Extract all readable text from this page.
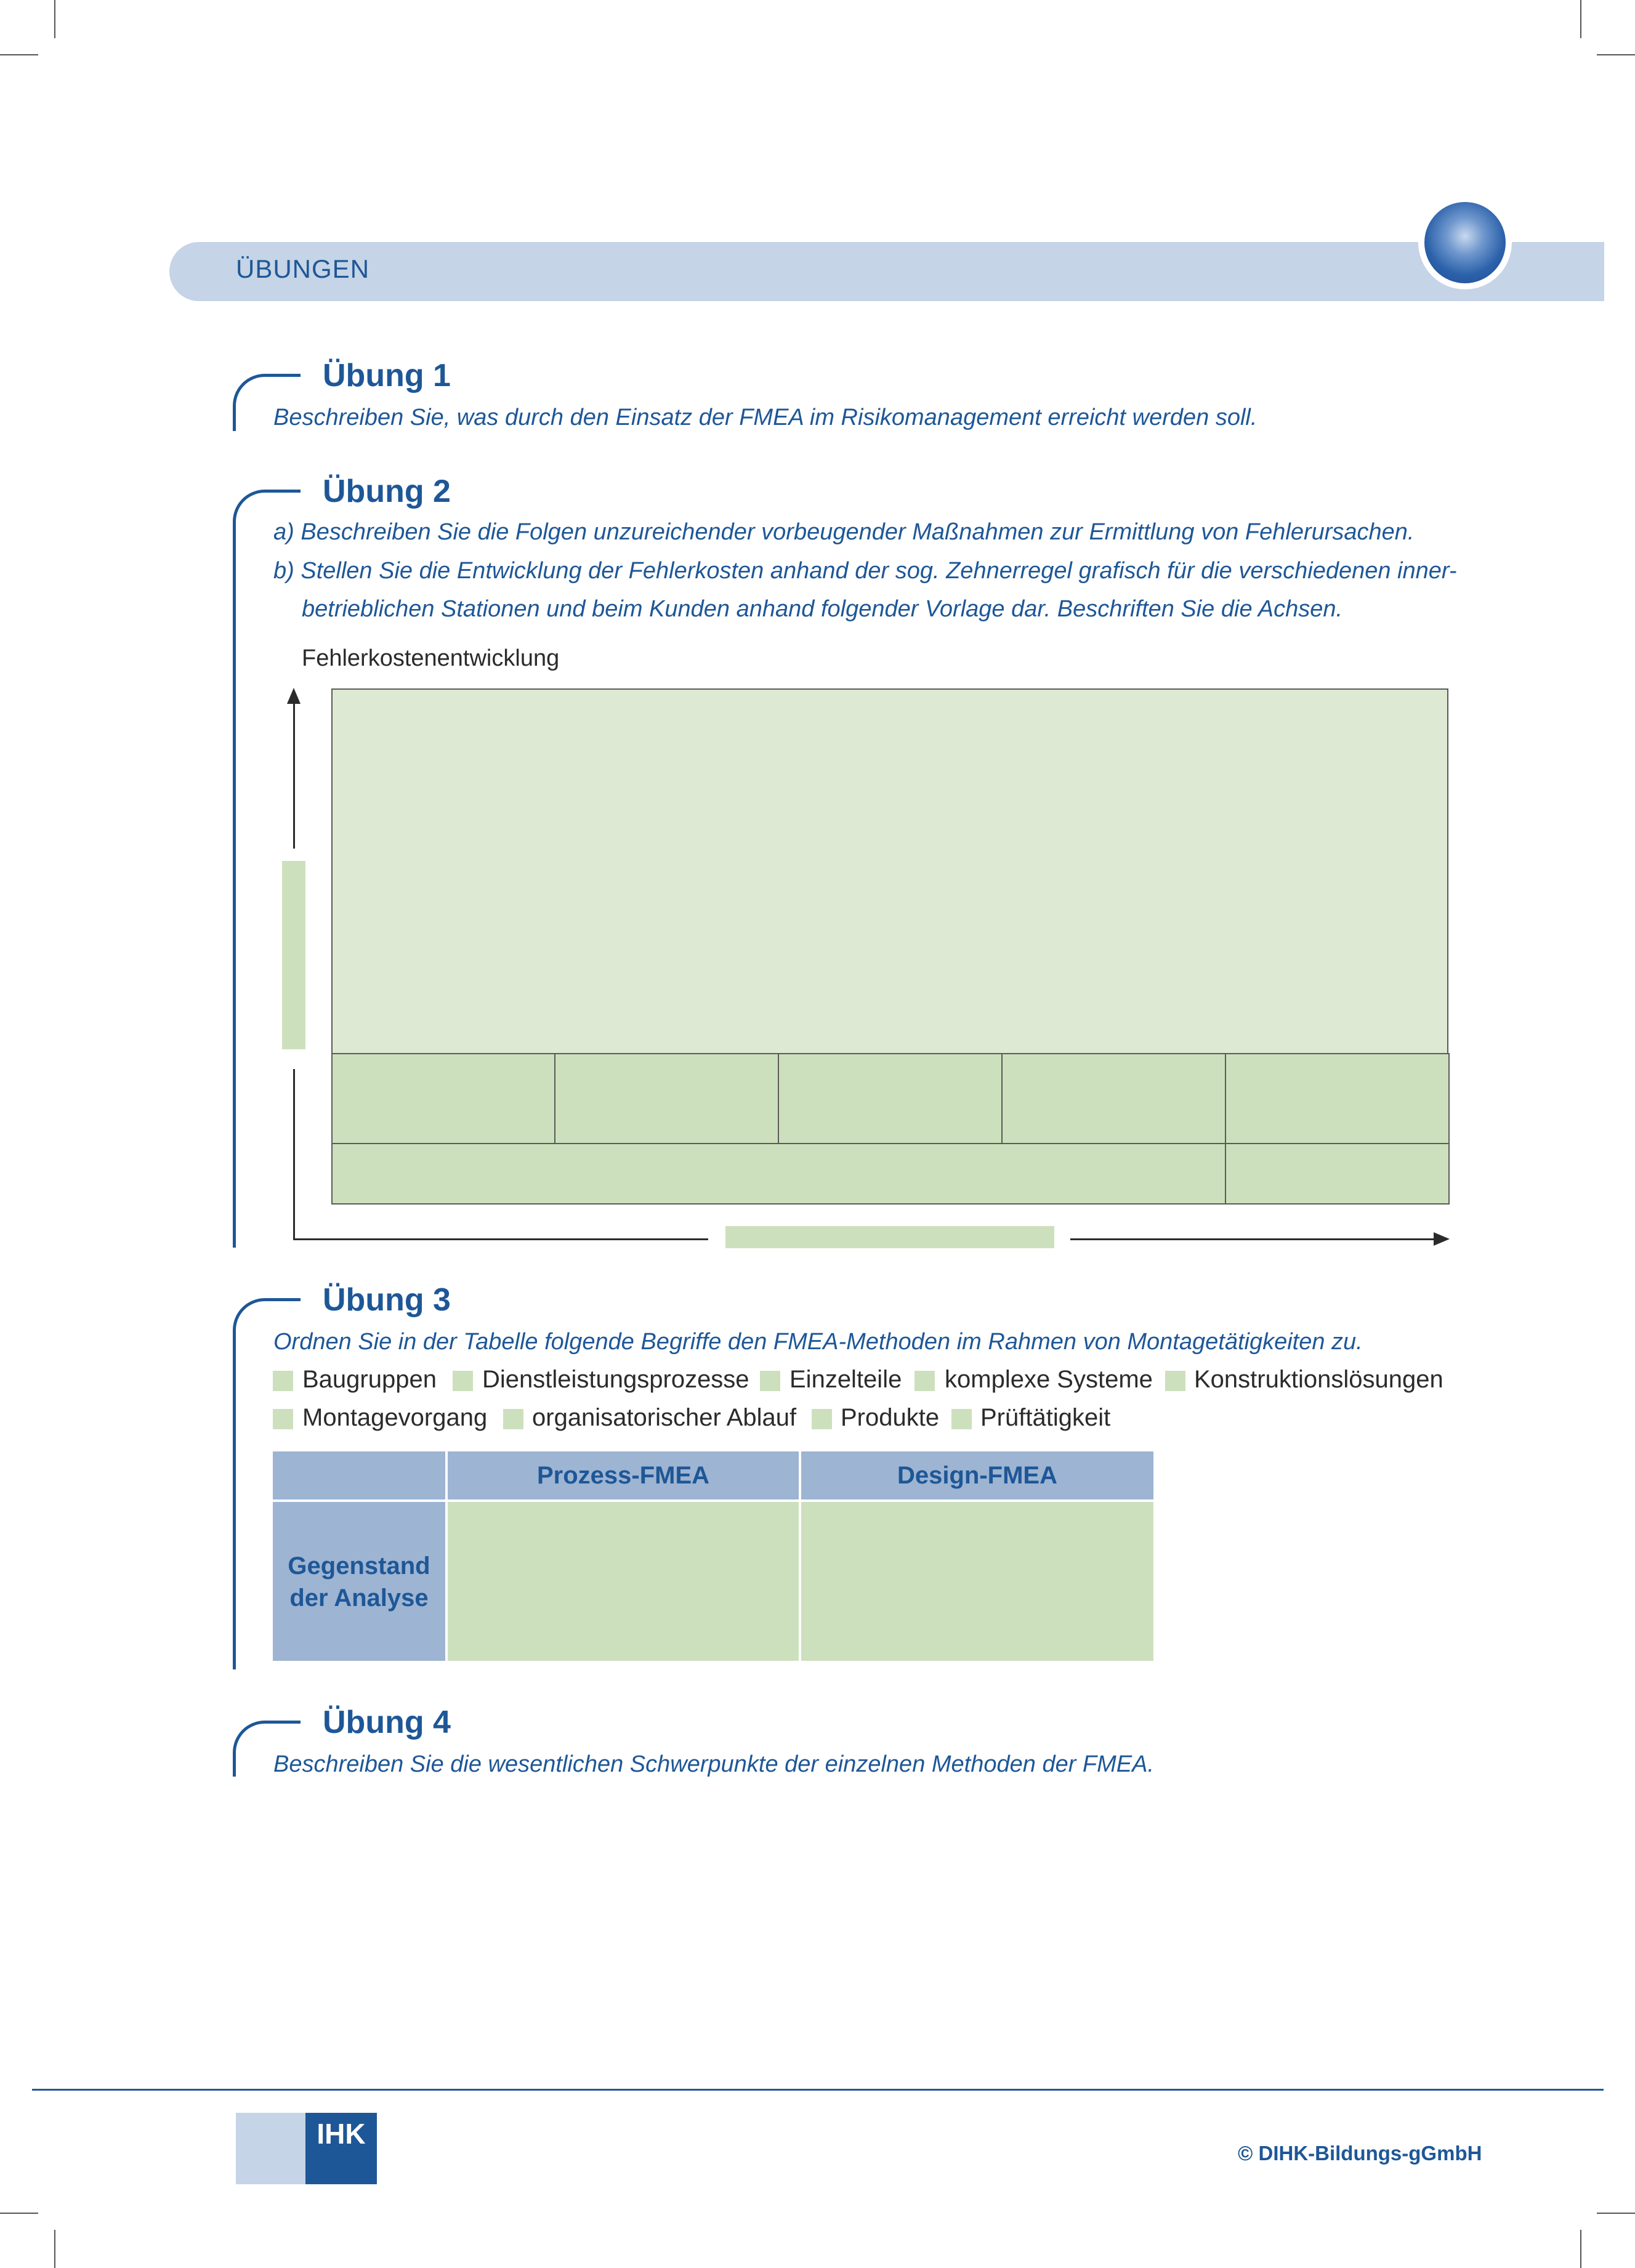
ÜBUNGEN
Übung 1
Beschreiben Sie, was durch den Einsatz der FMEA im Risikomanagement erreicht werden soll.
Übung 2
a) Beschreiben Sie die Folgen unzureichender vorbeugender Maßnahmen zur Ermittlung von Fehlerursachen.
b) Stellen Sie die Entwicklung der Fehlerkosten anhand der sog. Zehnerregel grafisch für die verschiedenen inner-
betrieblichen Stationen und beim Kunden anhand folgender Vorlage dar. Beschriften Sie die Achsen.
Fehlerkostenentwicklung
Übung 3
Ordnen Sie in der Tabelle folgende Begriffe den FMEA-Methoden im Rahmen von Montagetätigkeiten zu.
Baugruppen Dienstleistungsprozesse Einzelteile komplexe Systeme Konstruktionslösungen
Montagevorgang organisatorischer Ablauf Produkte Prüftätigkeit
Prozess-FMEA	Design-FMEA
Gegenstand
der Analyse
Übung 4
Beschreiben Sie die wesentlichen Schwerpunkte der einzelnen Methoden der FMEA.
IHK
© DIHK-Bildungs-gGmbH
